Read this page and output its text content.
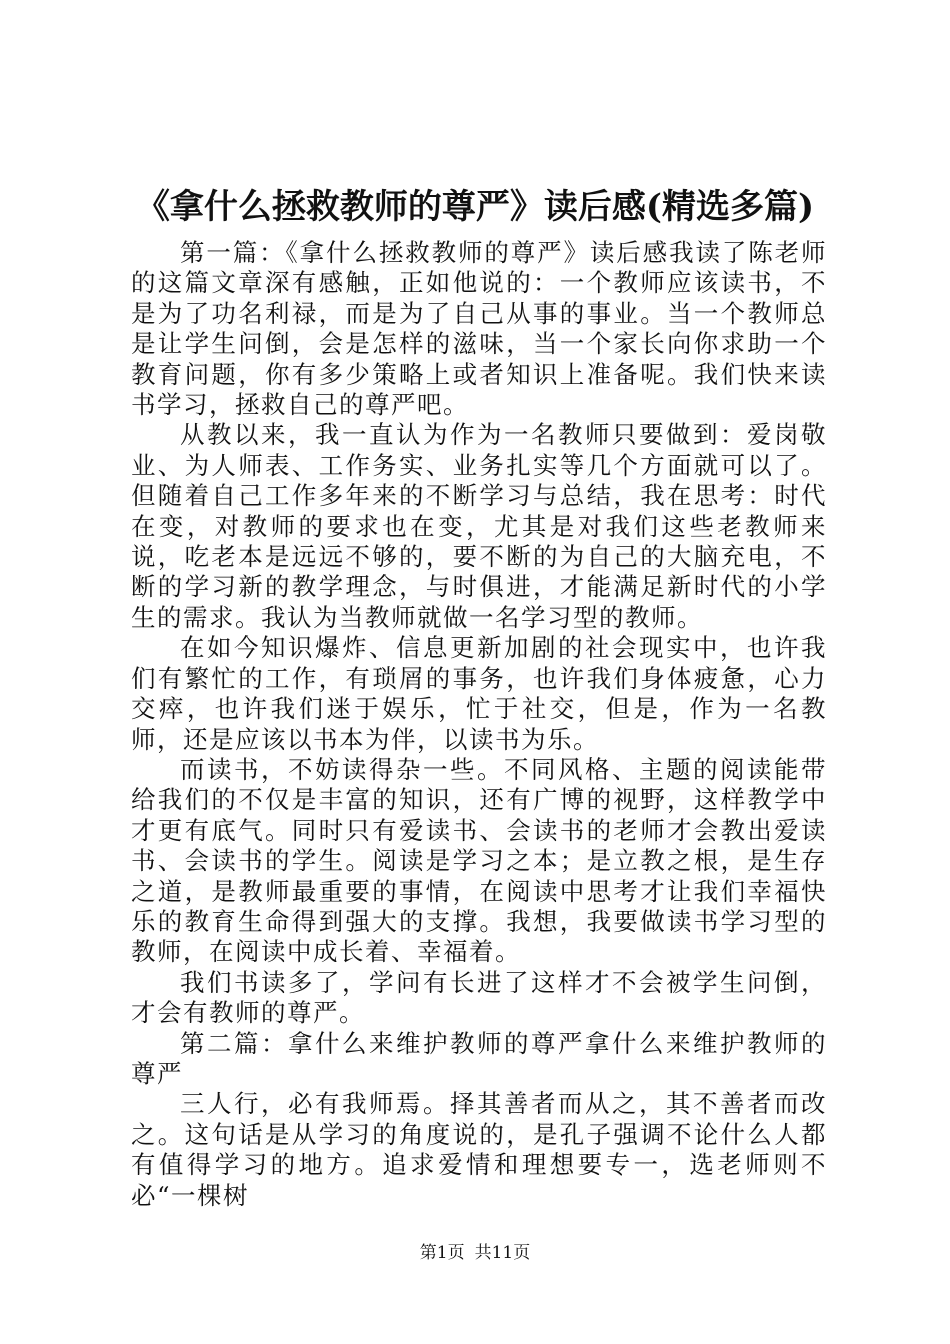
《拿什么拯救教师的尊严》读后感(精选多篇)

第一篇：《拿什么拯救教师的尊严》读后感我读了陈老师的这篇文章深有感触，正如他说的：一个教师应该读书，不是为了功名利禄，而是为了自己从事的事业。当一个教师总是让学生问倒，会是怎样的滋味，当一个家长向你求助一个教育问题，你有多少策略上或者知识上准备呢。我们快来读书学习，拯救自己的尊严吧。

从教以来，我一直认为作为一名教师只要做到：爱岗敬业、为人师表、工作务实、业务扎实等几个方面就可以了。但随着自己工作多年来的不断学习与总结，我在思考：时代在变，对教师的要求也在变，尤其是对我们这些老教师来说，吃老本是远远不够的，要不断的为自己的大脑充电，不断的学习新的教学理念，与时俱进，才能满足新时代的小学生的需求。我认为当教师就做一名学习型的教师。

在如今知识爆炸、信息更新加剧的社会现实中，也许我们有繁忙的工作，有琐屑的事务，也许我们身体疲惫，心力交瘁，也许我们迷于娱乐，忙于社交，但是，作为一名教师，还是应该以书本为伴，以读书为乐。

而读书，不妨读得杂一些。不同风格、主题的阅读能带给我们的不仅是丰富的知识，还有广博的视野，这样教学中才更有底气。同时只有爱读书、会读书的老师才会教出爱读书、会读书的学生。阅读是学习之本；是立教之根，是生存之道，是教师最重要的事情，在阅读中思考才让我们幸福快乐的教育生命得到强大的支撑。我想，我要做读书学习型的教师，在阅读中成长着、幸福着。

我们书读多了，学问有长进了这样才不会被学生问倒，才会有教师的尊严。

第二篇：拿什么来维护教师的尊严拿什么来维护教师的尊严

三人行，必有我师焉。择其善者而从之，其不善者而改之。这句话是从学习的角度说的，是孔子强调不论什么人都有值得学习的地方。追求爱情和理想要专一，选老师则不必“一棵树

第1页 共11页
